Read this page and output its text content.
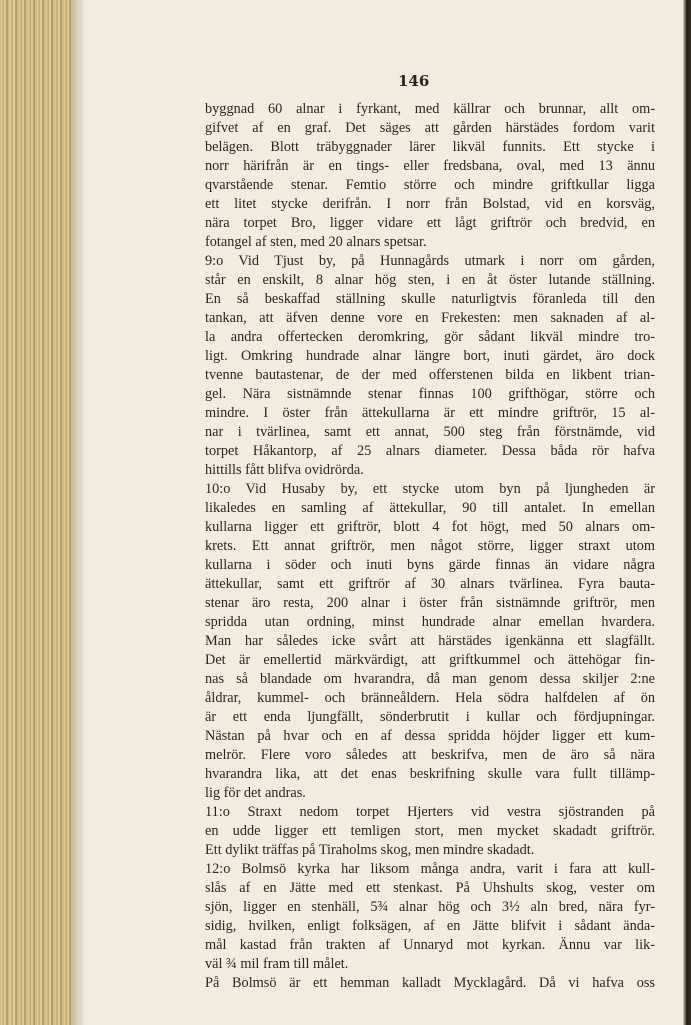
146
byggnad 60 alnar i fyrkant, med källrar och brunnar, allt om-
gifvet af en graf. Det säges att gården härstädes fordom varit
belägen. Blott träbyggnader lärer likväl funnits. Ett stycke i
norr härifrån är en tings- eller fredsbana, oval, med 13 ännu
qvarstående stenar. Femtio större och mindre griftkullar ligga
ett litet stycke derifrån. I norr från Bolstad, vid en korsväg,
nära torpet Bro, ligger vidare ett lågt griftrör och bredvid, en
fotangel af sten, med 20 alnars spetsar.
9:o Vid Tjust by, på Hunnagårds utmark i norr om gården,
står en enskilt, 8 alnar hög sten, i en åt öster lutande ställning.
En så beskaffad ställning skulle naturligtvis föranleda till den
tankan, att äfven denne vore en Frekesten: men saknaden af al-
la andra offertecken deromkring, gör sådant likväl mindre tro-
ligt. Omkring hundrade alnar längre bort, inuti gärdet, äro dock
tvenne bautastenar, de der med offerstenen bilda en likbent trian-
gel. Nära sistnämnde stenar finnas 100 grifthögar, större och
mindre. I öster från ättekullarna är ett mindre griftrör, 15 al-
nar i tvärlinea, samt ett annat, 500 steg från förstnämde, vid
torpet Håkantorp, af 25 alnars diameter. Dessa båda rör hafva
hittills fått blifva ovidrörda.
10:o Vid Husaby by, ett stycke utom byn på ljungheden är
likaledes en samling af ättekullar, 90 till antalet. In emellan
kullarna ligger ett griftrör, blott 4 fot högt, med 50 alnars om-
krets. Ett annat griftrör, men något större, ligger straxt utom
kullarna i söder och inuti byns gärde finnas än vidare några
ättekullar, samt ett griftrör af 30 alnars tvärlinea. Fyra bauta-
stenar äro resta, 200 alnar i öster från sistnämnde griftrör, men
spridda utan ordning, minst hundrade alnar emellan hvardera.
Man har således icke svårt att härstädes igenkänna ett slagfällt.
Det är emellertid märkvärdigt, att griftkummel och ättehögar fin-
nas så blandade om hvarandra, då man genom dessa skiljer 2:ne
åldrar, kummel- och bränneåldern. Hela södra halfdelen af ön
är ett enda ljungfällt, sönderbrutit i kullar och fördjupningar.
Nästan på hvar och en af dessa spridda höjder ligger ett kum-
melrör. Flere voro således att beskrifva, men de äro så nära
hvarandra lika, att det enas beskrifning skulle vara fullt tillämp-
lig för det andras.
11:o Straxt nedom torpet Hjerters vid vestra sjöstranden på
en udde ligger ett temligen stort, men mycket skadadt griftrör.
Ett dylikt träffas på Tiraholms skog, men mindre skadadt.
12:o Bolmsö kyrka har liksom många andra, varit i fara att kull-
slås af en Jätte med ett stenkast. På Uhshults skog, vester om
sjön, ligger en stenhäll, 5¾ alnar hög och 3½ aln bred, nära fyr-
sidig, hvilken, enligt folksägen, af en Jätte blifvit i sådant ända-
mål kastad från trakten af Unnaryd mot kyrkan. Ännu var lik-
väl ¾ mil fram till målet.
På Bolmsö är ett hemman kalladt Mycklagård. Då vi hafva oss
